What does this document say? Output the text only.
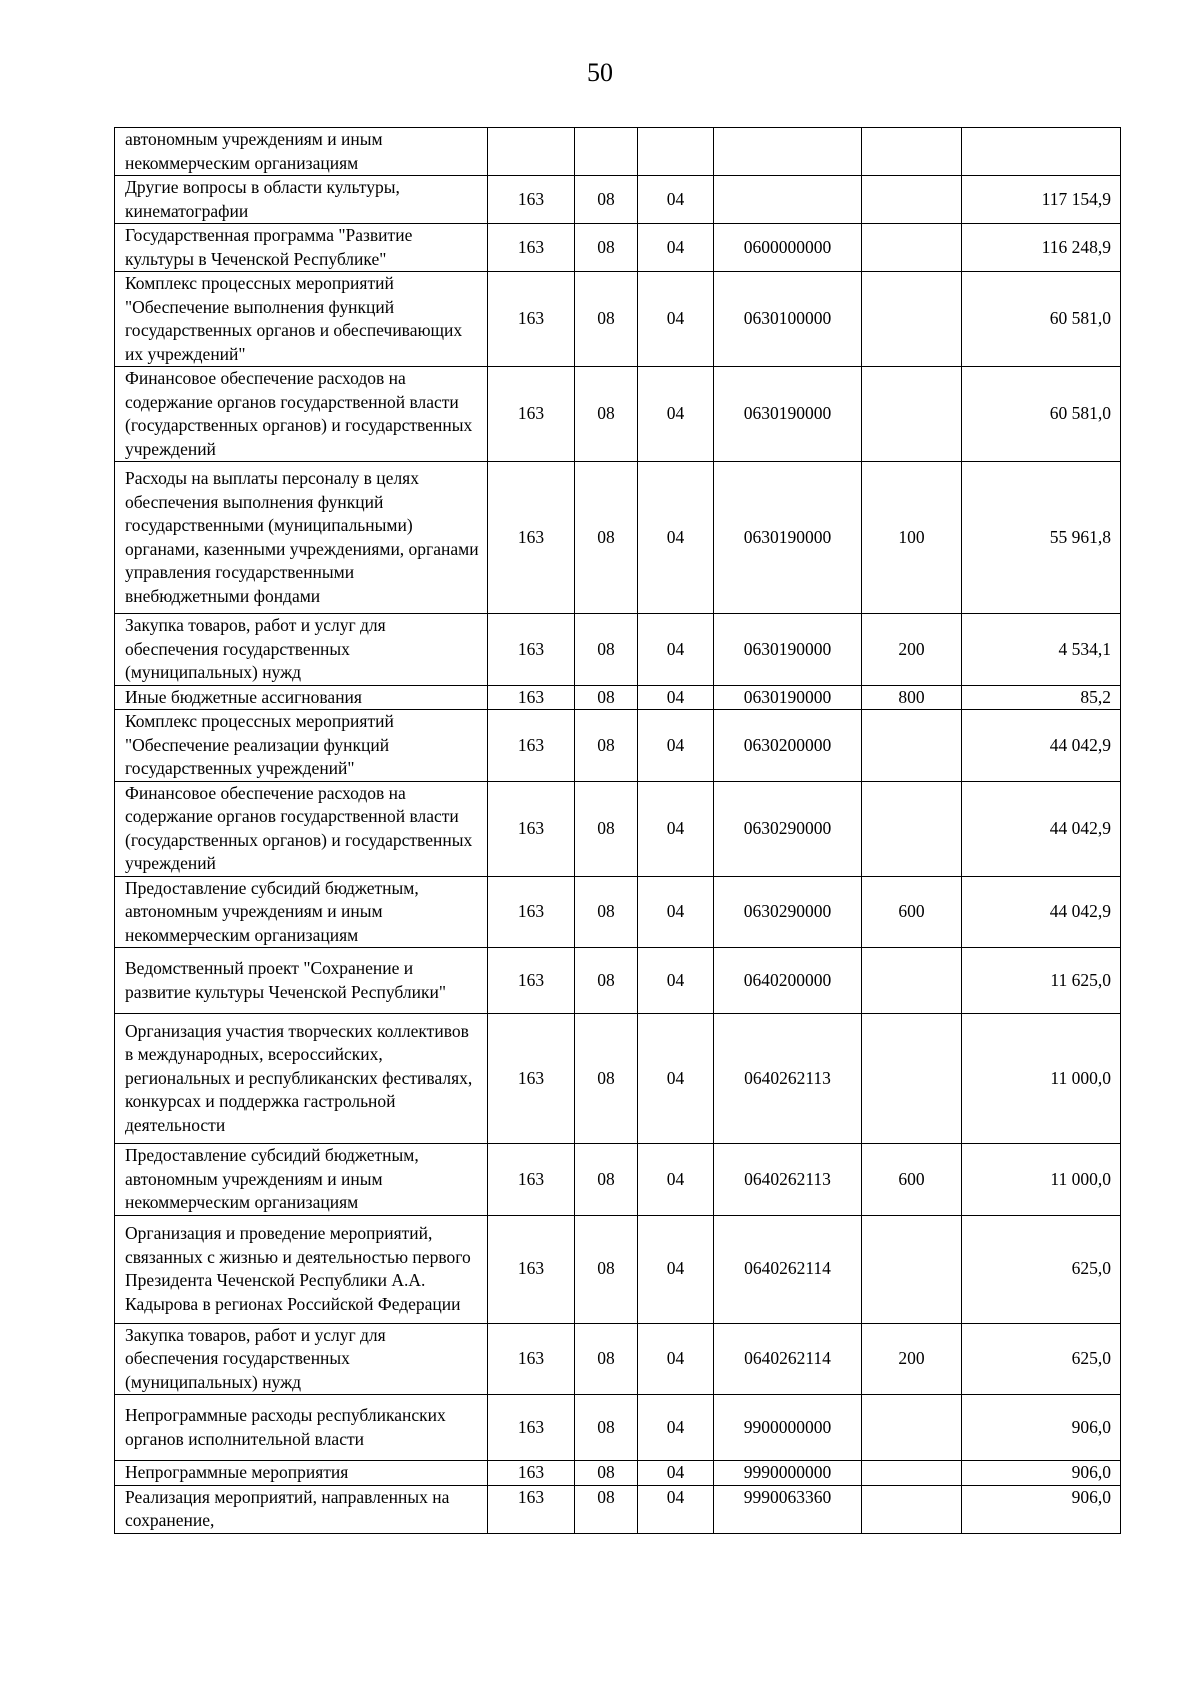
50
автономным учреждениям и иным некоммерческим организациям						

Другие вопросы в области культуры, кинематографии	163	08	04			117 154,9

Государственная программа "Развитие культуры в Чеченской Республике"	163	08	04	0600000000		116 248,9

Комплекс процессных мероприятий "Обеспечение выполнения функций государственных органов и обеспечивающих их учреждений"	163	08	04	0630100000		60 581,0

Финансовое обеспечение расходов на содержание органов государственной власти (государственных органов) и государственных учреждений	163	08	04	0630190000		60 581,0

Расходы на выплаты персоналу в целях обеспечения выполнения функций государственными (муниципальными) органами, казенными учреждениями, органами управления государственными внебюджетными фондами	163	08	04	0630190000	100	55 961,8

Закупка товаров, работ и услуг для обеспечения государственных (муниципальных) нужд	163	08	04	0630190000	200	4 534,1

Иные бюджетные ассигнования	163	08	04	0630190000	800	85,2

Комплекс процессных мероприятий "Обеспечение реализации функций государственных учреждений"	163	08	04	0630200000		44 042,9

Финансовое обеспечение расходов на содержание органов государственной власти (государственных органов) и государственных учреждений	163	08	04	0630290000		44 042,9

Предоставление субсидий бюджетным, автономным учреждениям и иным некоммерческим организациям	163	08	04	0630290000	600	44 042,9

Ведомственный проект "Сохранение и развитие культуры Чеченской Республики"	163	08	04	0640200000		11 625,0

Организация участия творческих коллективов в международных, всероссийских, региональных и республиканских фестивалях, конкурсах и поддержка гастрольной деятельности	163	08	04	0640262113		11 000,0

Предоставление субсидий бюджетным, автономным учреждениям и иным некоммерческим организациям	163	08	04	0640262113	600	11 000,0

Организация и проведение мероприятий, связанных с жизнью и деятельностью первого Президента Чеченской Республики А.А. Кадырова в регионах Российской Федерации	163	08	04	0640262114		625,0

Закупка товаров, работ и услуг для обеспечения государственных (муниципальных) нужд	163	08	04	0640262114	200	625,0

Непрограммные расходы республиканских органов исполнительной власти	163	08	04	9900000000		906,0

Непрограммные мероприятия	163	08	04	9990000000		906,0

Реализация мероприятий, направленных на сохранение,	163	08	04	9990063360		906,0
